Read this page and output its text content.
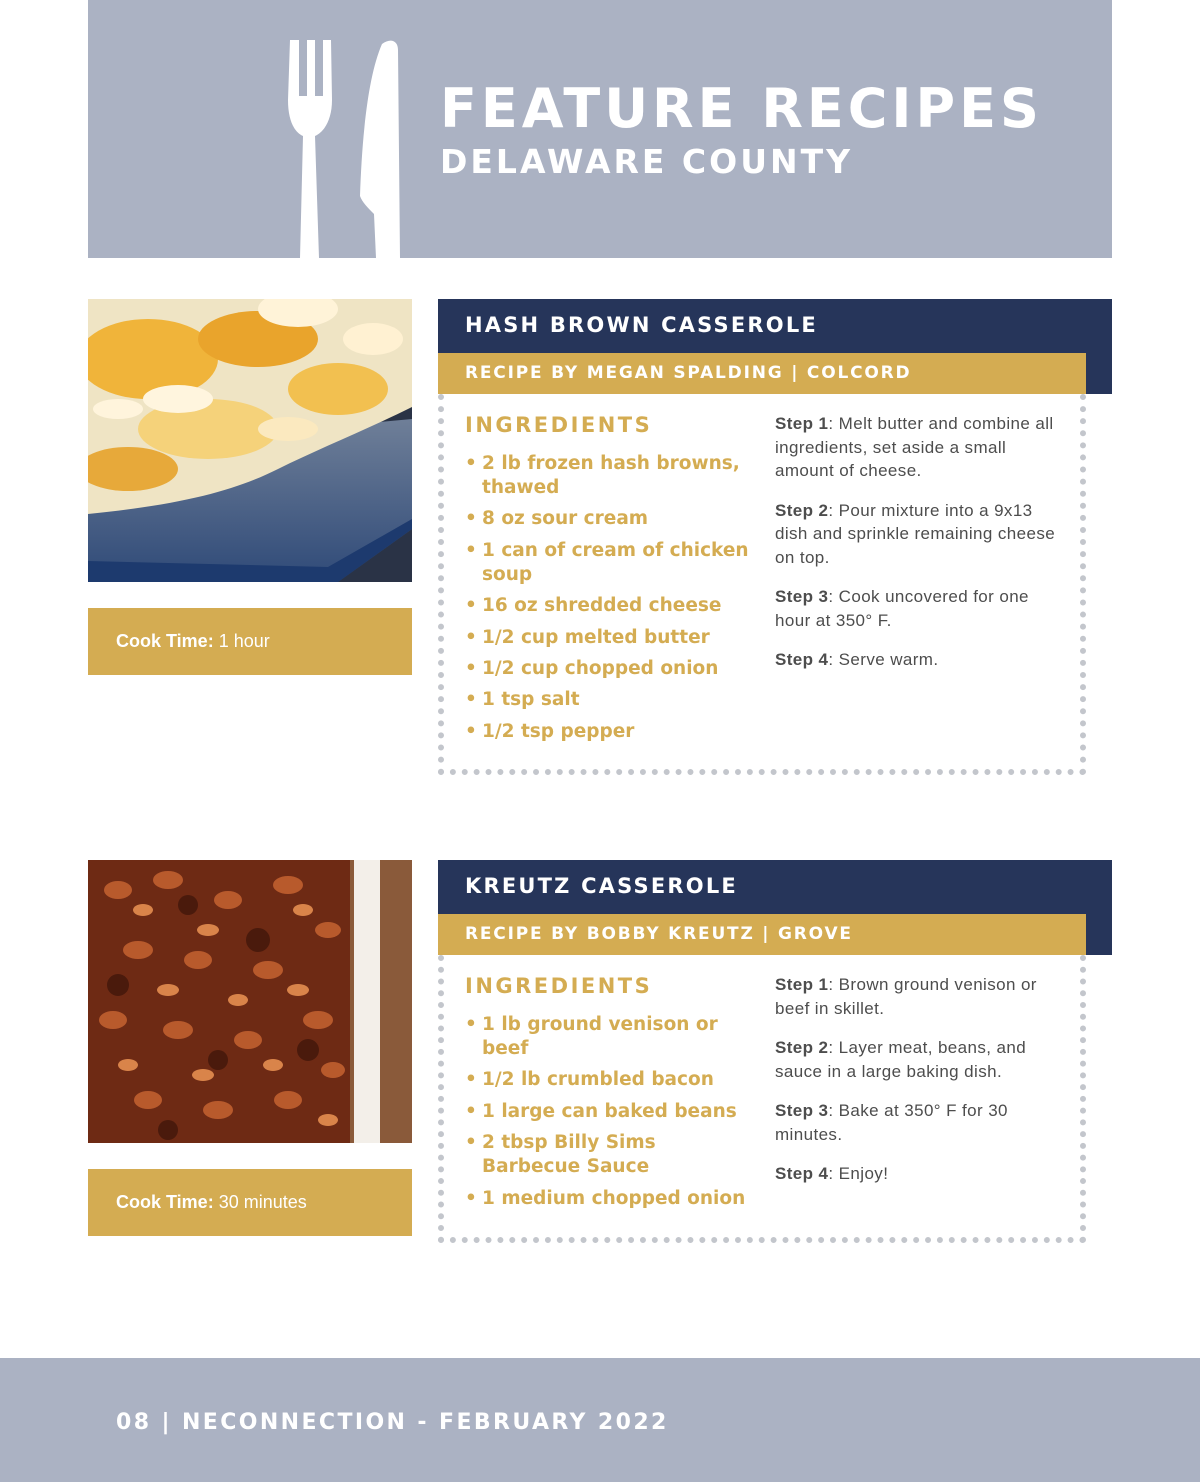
FEATURE RECIPES
DELAWARE COUNTY
Cook Time: 1 hour
HASH BROWN CASSEROLE
RECIPE BY MEGAN SPALDING | COLCORD
INGREDIENTS
• 2 lb frozen hash browns, thawed
• 8 oz sour cream
• 1 can of cream of chicken soup
• 16 oz shredded cheese
• 1/2 cup melted butter
• 1/2 cup chopped onion
• 1 tsp salt
• 1/2 tsp pepper

Step 1: Melt butter and combine all ingredients, set aside a small amount of cheese.

Step 2: Pour mixture into a 9x13 dish and sprinkle remaining cheese on top.

Step 3: Cook uncovered for one hour at 350° F.

Step 4: Serve warm.

Cook Time: 30 minutes
KREUTZ CASSEROLE
RECIPE BY BOBBY KREUTZ | GROVE
INGREDIENTS
• 1 lb ground venison or beef
• 1/2 lb crumbled bacon
• 1 large can baked beans
• 2 tbsp Billy Sims Barbecue Sauce
• 1 medium chopped onion

Step 1: Brown ground venison or beef in skillet.

Step 2: Layer meat, beans, and sauce in a large baking dish.

Step 3: Bake at 350° F for 30 minutes.

Step 4: Enjoy!

08 | NECONNECTION - FEBRUARY 2022
